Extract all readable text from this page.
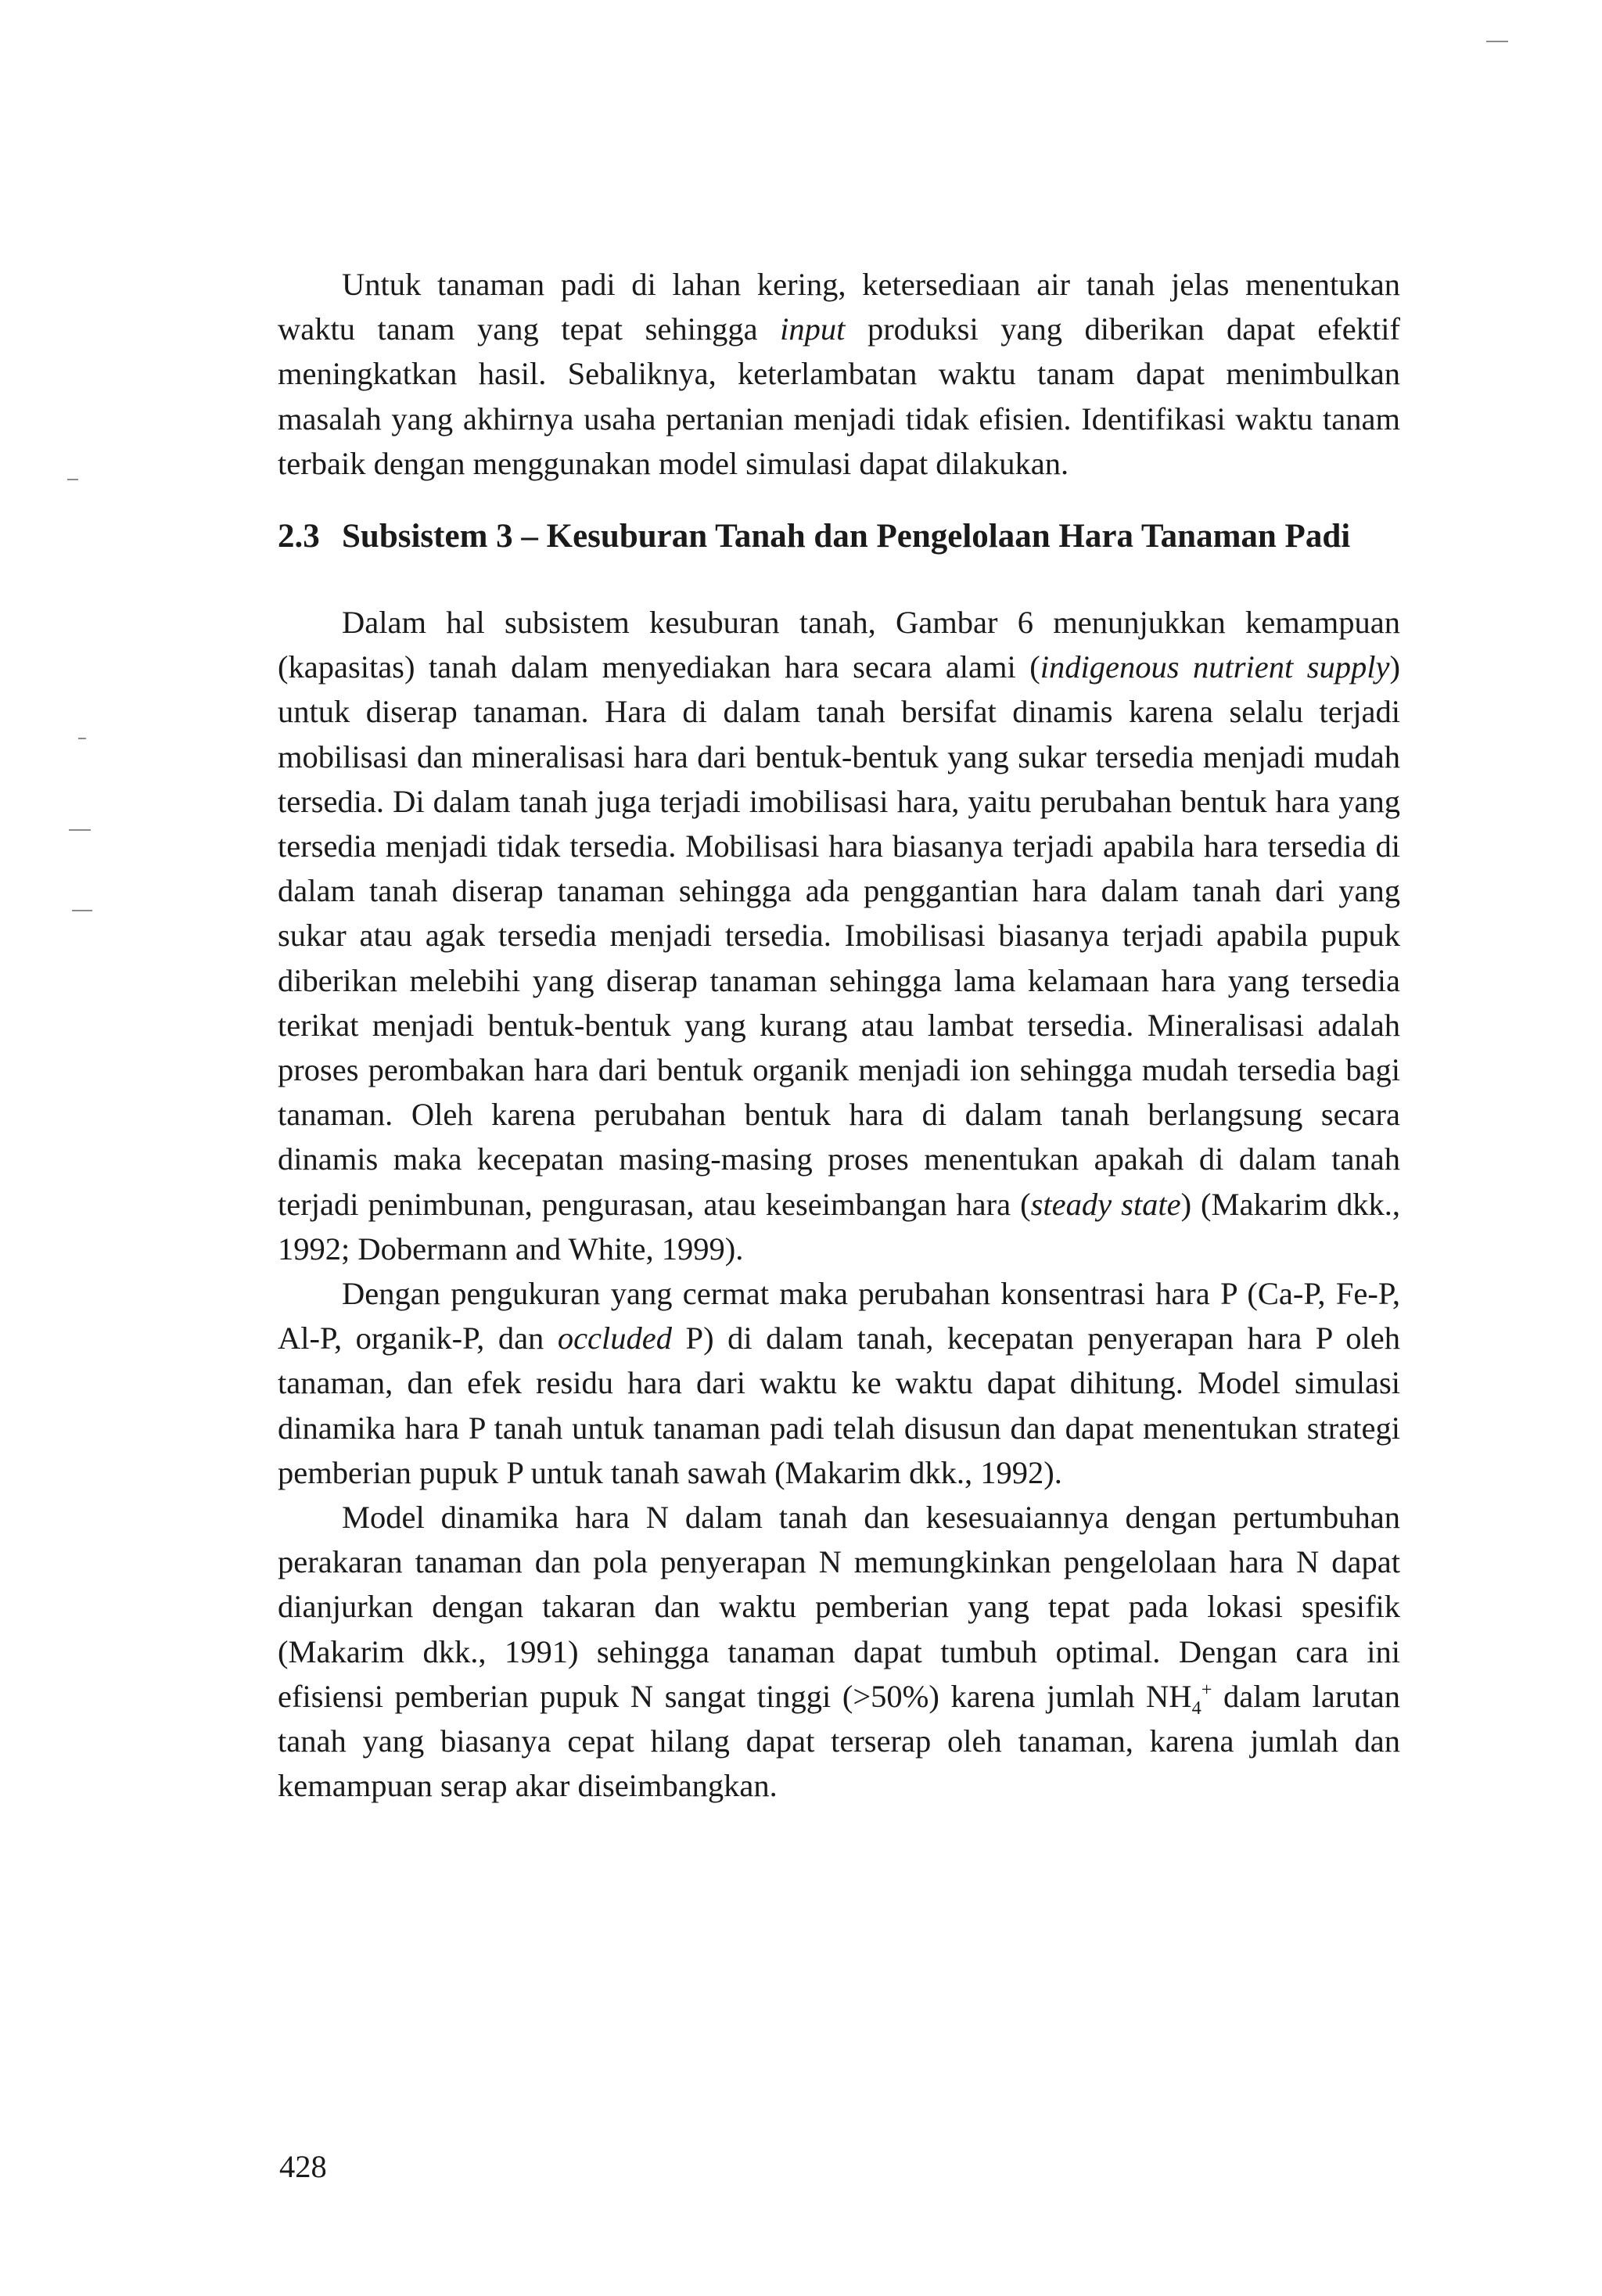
Untuk tanaman padi di lahan kering, ketersediaan air tanah jelas menentukan waktu tanam yang tepat sehingga input produksi yang diberikan dapat efektif meningkatkan hasil. Sebaliknya, keterlambatan waktu tanam dapat menimbulkan masalah yang akhirnya usaha pertanian menjadi tidak efisien. Identifikasi waktu tanam terbaik dengan menggunakan model simulasi dapat dilakukan.

2.3 Subsistem 3 – Kesuburan Tanah dan Pengelolaan Hara Tanaman Padi

Dalam hal subsistem kesuburan tanah, Gambar 6 menunjukkan kemampuan (kapasitas) tanah dalam menyediakan hara secara alami (indigenous nutrient supply) untuk diserap tanaman. Hara di dalam tanah bersifat dinamis karena selalu terjadi mobilisasi dan mineralisasi hara dari bentuk-bentuk yang sukar tersedia menjadi mudah tersedia. Di dalam tanah juga terjadi imobilisasi hara, yaitu perubahan bentuk hara yang tersedia menjadi tidak tersedia. Mobilisasi hara biasanya terjadi apabila hara tersedia di dalam tanah diserap tanaman sehingga ada penggantian hara dalam tanah dari yang sukar atau agak tersedia menjadi tersedia. Imobilisasi biasanya terjadi apabila pupuk diberikan melebihi yang diserap tanaman sehingga lama kelamaan hara yang tersedia terikat menjadi bentuk-bentuk yang kurang atau lambat tersedia. Mineralisasi adalah proses perombakan hara dari bentuk organik menjadi ion sehingga mudah tersedia bagi tanaman. Oleh karena perubahan bentuk hara di dalam tanah berlangsung secara dinamis maka kecepatan masing-masing proses menentukan apakah di dalam tanah terjadi penimbunan, pengurasan, atau keseimbangan hara (steady state) (Makarim dkk., 1992; Dobermann and White, 1999).

Dengan pengukuran yang cermat maka perubahan konsentrasi hara P (Ca-P, Fe-P, Al-P, organik-P, dan occluded P) di dalam tanah, kecepatan penyerapan hara P oleh tanaman, dan efek residu hara dari waktu ke waktu dapat dihitung. Model simulasi dinamika hara P tanah untuk tanaman padi telah disusun dan dapat menentukan strategi pemberian pupuk P untuk tanah sawah (Makarim dkk., 1992).

Model dinamika hara N dalam tanah dan kesesuaiannya dengan pertumbuhan perakaran tanaman dan pola penyerapan N memungkinkan pengelolaan hara N dapat dianjurkan dengan takaran dan waktu pemberian yang tepat pada lokasi spesifik (Makarim dkk., 1991) sehingga tanaman dapat tumbuh optimal. Dengan cara ini efisiensi pemberian pupuk N sangat tinggi (>50%) karena jumlah $NH_4^+$ dalam larutan tanah yang biasanya cepat hilang dapat terserap oleh tanaman, karena jumlah dan kemampuan serap akar diseimbangkan.

428
